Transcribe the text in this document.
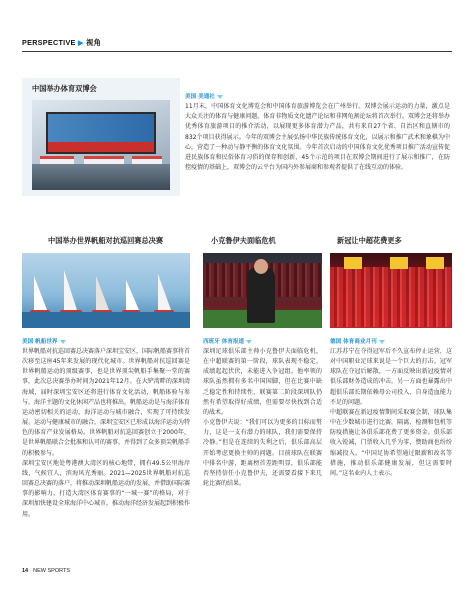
PERSPECTIVE ▶ 视角
中国举办体育双博会
美国 美通社
11月末，中国体育文化博览会和中国体育旅游博览会在广州举行。双博会展示运动的力量，激点是大众关注的体育与健康问题。体育非物质文化遗产论坛和非网龟割论坛将首次举行。双博会还将举办优秀体育旅游项目的推介活动，以展现更多体育潜力产品，共有来自27个省、自治区和直辖市的832个项目获得展示。今年的双博会主展弘扬中华民族传统体育文化，以展示和推广武术和象棋为中心，营造了一种动与静平衡的体育文化氛围。今年首次启动的中国体育文化优秀项目推广活动宣传促进民族体育和民俗体育习俗的保存和创新，45个示范的项目在双博会期间进行了展示和推广，在防控疫情的基础上，双博会的云平台为国内外参展商和参观者提供了在线互动的体验。
中国举办世界帆船对抗巡回赛总决赛	小克鲁伊夫面临危机	新冠让中超花费更多
美国 帆船世界

世界帆船对抗巡回赛总决赛落户深圳宝安区，国际帆船赛事将首次移至这座45年来发展的现代化城市。世界帆船对抗巡回赛是世界帆船运动的顶级赛事，也是世界顶尖帆船手集聚一堂的赛事，此次总决赛举办时间为2021年12月。在大铲湾畔的深圳湾海域，届时深圳宝安区还将进行体育文化活动，帆船体验与参与，海洋主题的文化休闲产品也将推出，帆船运动是与海洋体育运动密切相关的运动，海洋运动与城市融合，实现了可持续发展、运动与健康城市的融合，深圳宝安区已形成以海洋运动为特色的体育产业发展格局。世界帆船对抗巡回赛创立于2000年，是世界帆船联合会批准和认可的赛事，并得到了众多顶尖帆船手的积极参与。

深圳宝安区地处粤港澳大湾区的核心地带，拥有49.5公里海岸线，气候宜人，滨海风光秀丽。2021—2025世界帆船对抗巡回赛总决赛的落户，将推动深圳帆船运动的发展，并借助国际赛事的影响力，打造大湾区体育赛事的“一城一赛”的格局，对于深圳加快建设全球海洋中心城市，推动海洋经济发展起到积极作用。

西班牙 体育报道

深圳足球俱乐部主帅小克鲁伊夫面临危机，在中超联赛的第一阶段，球队表现不稳定，成绩起起伏伏，未能进入争冠组。他率领的球队虽然拥有多名中国国脚，但在比赛中缺乏稳定性和持续性，联赛第二阶段深圳队仍然有希望取得好成绩，但需要尽快找到合适的战术。

小克鲁伊夫说：“我们可以为更多的目标而努力，这是一支有潜力的球队，我们需要保持冷静。”但是在连续的失利之后，俱乐部高层开始考虑更换主帅的问题。目前球队在联赛中排名中游，距离榜首差距明显，俱乐部能否坚持信任小克鲁伊夫，还需要看接下来几轮比赛的结果。

德国 体育商业月刊

江苏苏宁在夺得冠军后不久宣布停止运营，这对中国职业足球来说是一个巨大的打击。冠军球队在夺冠后解散，一方面反映出新冠疫情对俱乐部财务造成的冲击，另一方面也暴露出中超俱乐部长期依赖母公司投入、自身造血能力不足的问题。

中超联赛在新冠疫情期间采取赛会制，球队集中在少数城市进行比赛，隔离、检测和包机等防疫措施让各俱乐部花费了更多资金。俱乐部收入锐减，门票收入几乎为零，赞助商也纷纷缩减投入。“中国足协希望通过限薪和改名等措施，推动俱乐部健康发展，但这需要时间。”这名业内人士表示。

14 NEW SPORTS
